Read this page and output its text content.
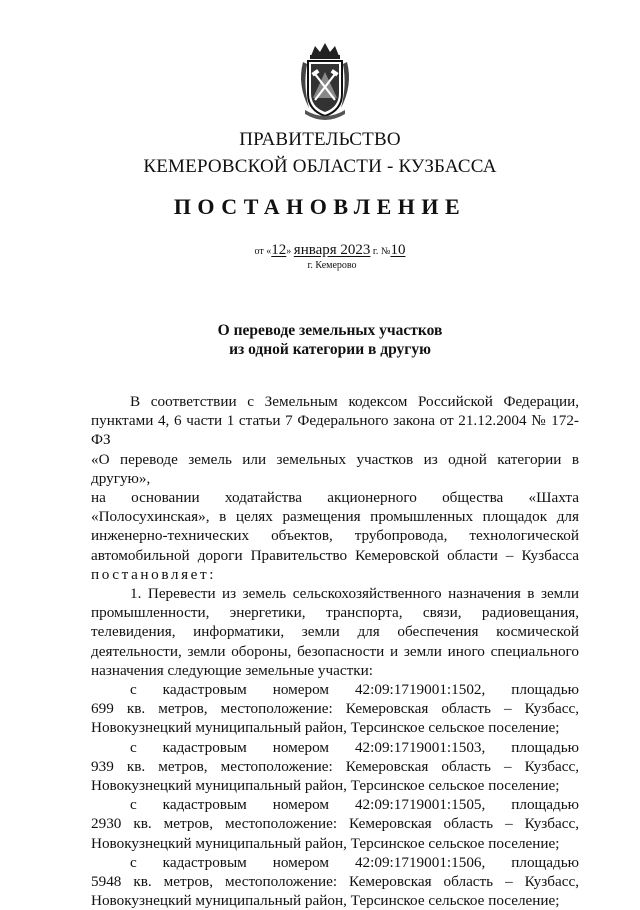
ПРАВИТЕЛЬСТВО
КЕМЕРОВСКОЙ ОБЛАСТИ - КУЗБАССА
ПОСТАНОВЛЕНИЕ
от «12» января 2023 г. №10
г. Кемерово
О переводе земельных участков
из одной категории в другую

В соответствии с Земельным кодексом Российской Федерации,

пунктами 4, 6 части 1 статьи 7 Федерального закона от 21.12.2004 № 172-ФЗ

«О переводе земель или земельных участков из одной категории в другую»,

на основании ходатайства акционерного общества «Шахта

«Полосухинская», в целях размещения промышленных площадок для

инженерно-технических объектов, трубопровода, технологической

автомобильной дороги Правительство Кемеровской области – Кузбасса

постановляет:

1. Перевести из земель сельскохозяйственного назначения в земли

промышленности, энергетики, транспорта, связи, радиовещания,

телевидения, информатики, земли для обеспечения космической

деятельности, земли обороны, безопасности и земли иного специального

назначения следующие земельные участки:

с кадастровым номером 42:09:1719001:1502, площадью

699 кв. метров, местоположение: Кемеровская область – Кузбасс,

Новокузнецкий муниципальный район, Терсинское сельское поселение;

с кадастровым номером 42:09:1719001:1503, площадью

939 кв. метров, местоположение: Кемеровская область – Кузбасс,

Новокузнецкий муниципальный район, Терсинское сельское поселение;

с кадастровым номером 42:09:1719001:1505, площадью

2930 кв. метров, местоположение: Кемеровская область – Кузбасс,

Новокузнецкий муниципальный район, Терсинское сельское поселение;

с кадастровым номером 42:09:1719001:1506, площадью

5948 кв. метров, местоположение: Кемеровская область – Кузбасс,

Новокузнецкий муниципальный район, Терсинское сельское поселение;
